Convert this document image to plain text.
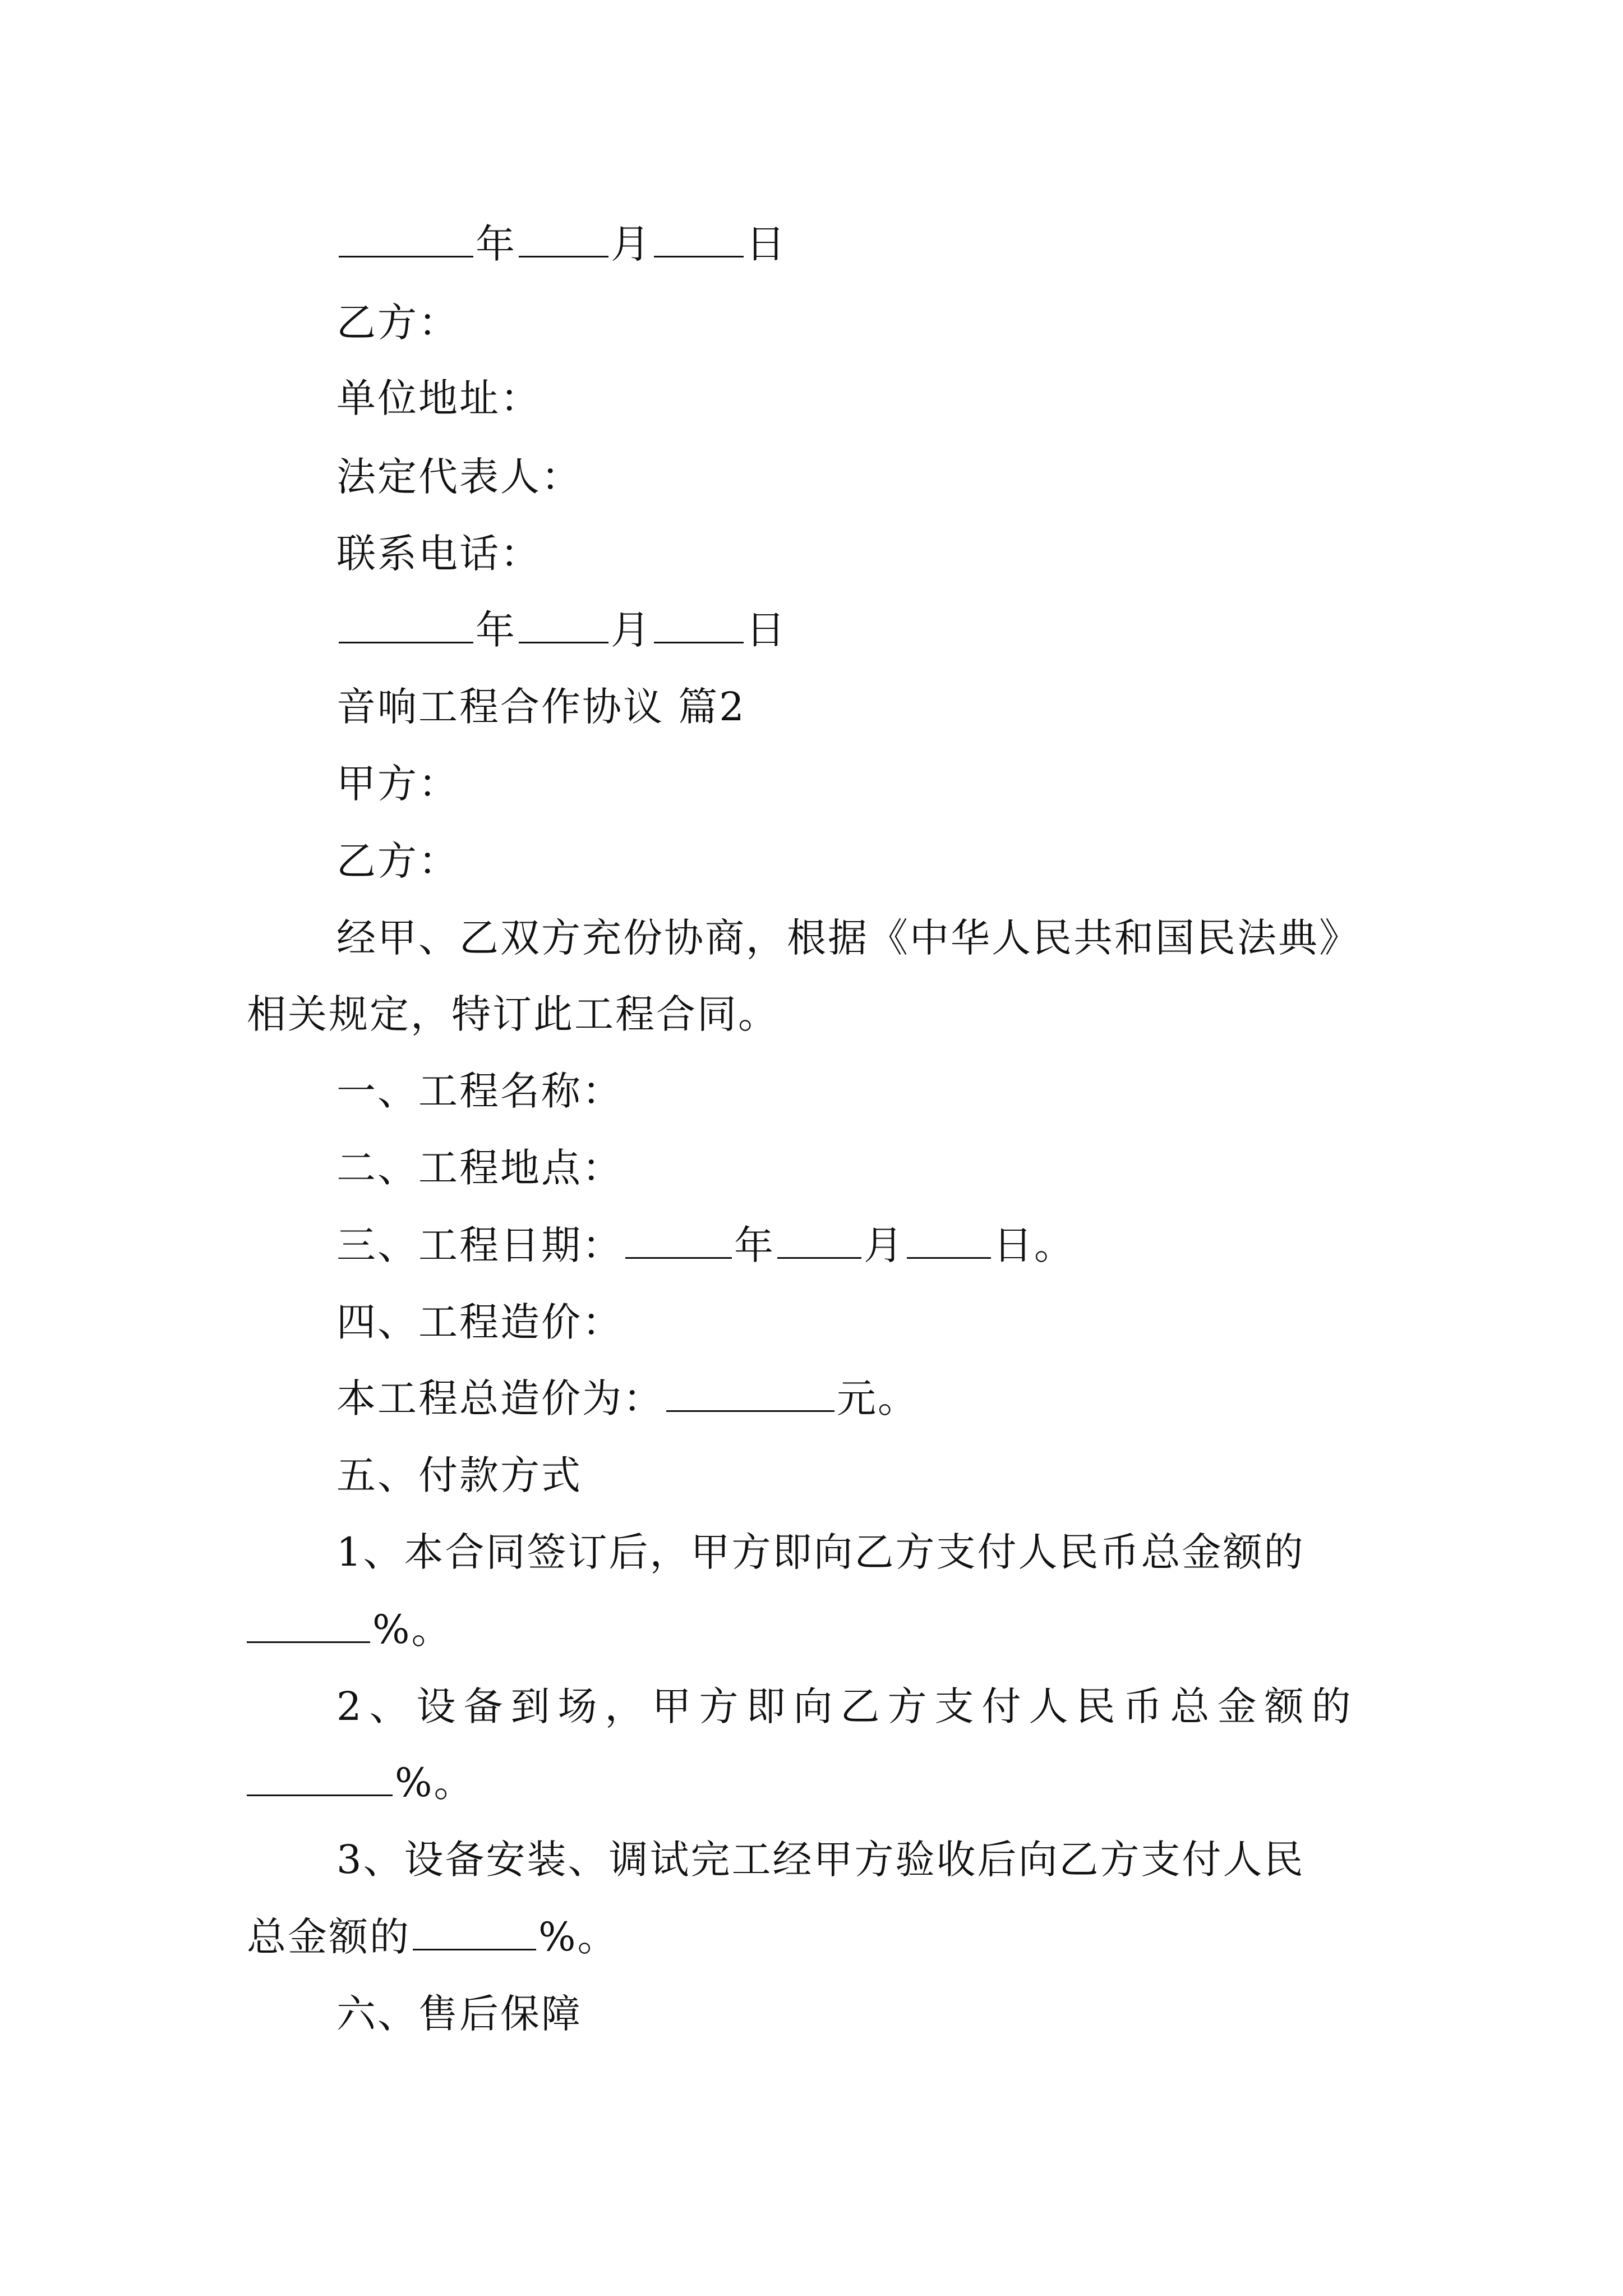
年 月 日
乙方：
单位地址：
法定代表人：
联系电话：
年 月 日
音响工程合作协议 篇2
甲方：
乙方：
经甲、乙双方充份协商，根据《中华人民共和国民法典》
相关规定，特订此工程合同。
一、工程名称：
二、工程地点：
三、工程日期：	年 月 日。
四、工程造价：
本工程总造价为：	元。
五、付款方式
1、本合同签订后，甲方即向乙方支付人民币总金额的
%。
2、设备到场，甲方即向乙方支付人民币总金额的
%。
3、设备安装、调试完工经甲方验收后向乙方支付人民
总金额的	%。
六、售后保障
